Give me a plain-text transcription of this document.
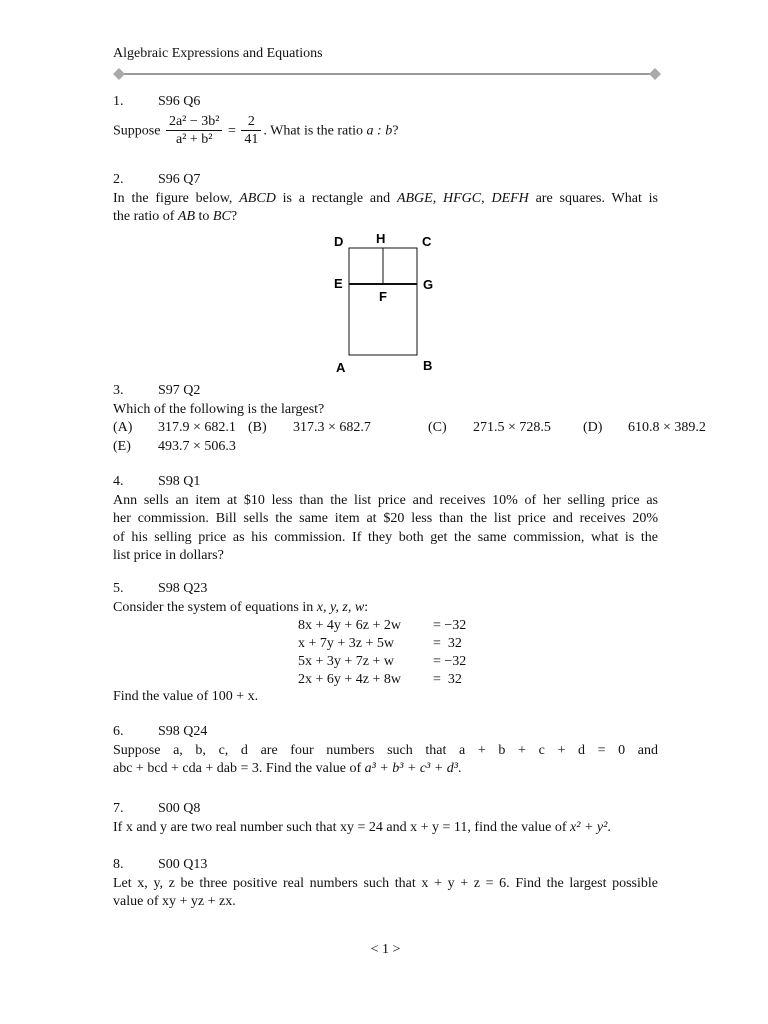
Algebraic Expressions and Equations
1.	S96 Q6
Suppose $\frac{\text{2a² − 3b²}}{\text{a² + b²}} = \frac{2}{41}$ . What is the ratio a : b?
2.	S96 Q7
In the figure below, ABCD is a rectangle and ABGE, HFGC, DEFH are squares. What is
the ratio of AB to BC?
D	H	C
E	G
F
A	B
3.	S97 Q2
Which of the following is the largest?
(A)	317.9 × 682.1 (B)	317.3 × 682.7	(C)	271.5 × 728.5	(D)	610.8 × 389.2
(E)	493.7 × 506.3
4.	S98 Q1
Ann sells an item at $10 less than the list price and receives 10% of her selling price as
her commission. Bill sells the same item at $20 less than the list price and receives 20%
of his selling price as his commission. If they both get the same commission, what is the
list price in dollars?
5.	S98 Q23
Consider the system of equations in x, y, z, w:
8x + 4y + 6z + 2w	= −32
x + 7y + 3z + 5w	=  32
5x + 3y + 7z + w	= −32
2x + 6y + 4z + 8w	=  32
Find the value of 100 + x.
6.	S98 Q24
Suppose a, b, c, d are four numbers such that a + b + c + d = 0 and
abc + bcd + cda + dab = 3. Find the value of a³ + b³ + c³ + d³.
7.	S00 Q8
If x and y are two real number such that xy = 24 and x + y = 11, find the value of x² + y².
8.	S00 Q13
Let x, y, z be three positive real numbers such that x + y + z = 6. Find the largest possible
value of xy + yz + zx.
< 1 >
